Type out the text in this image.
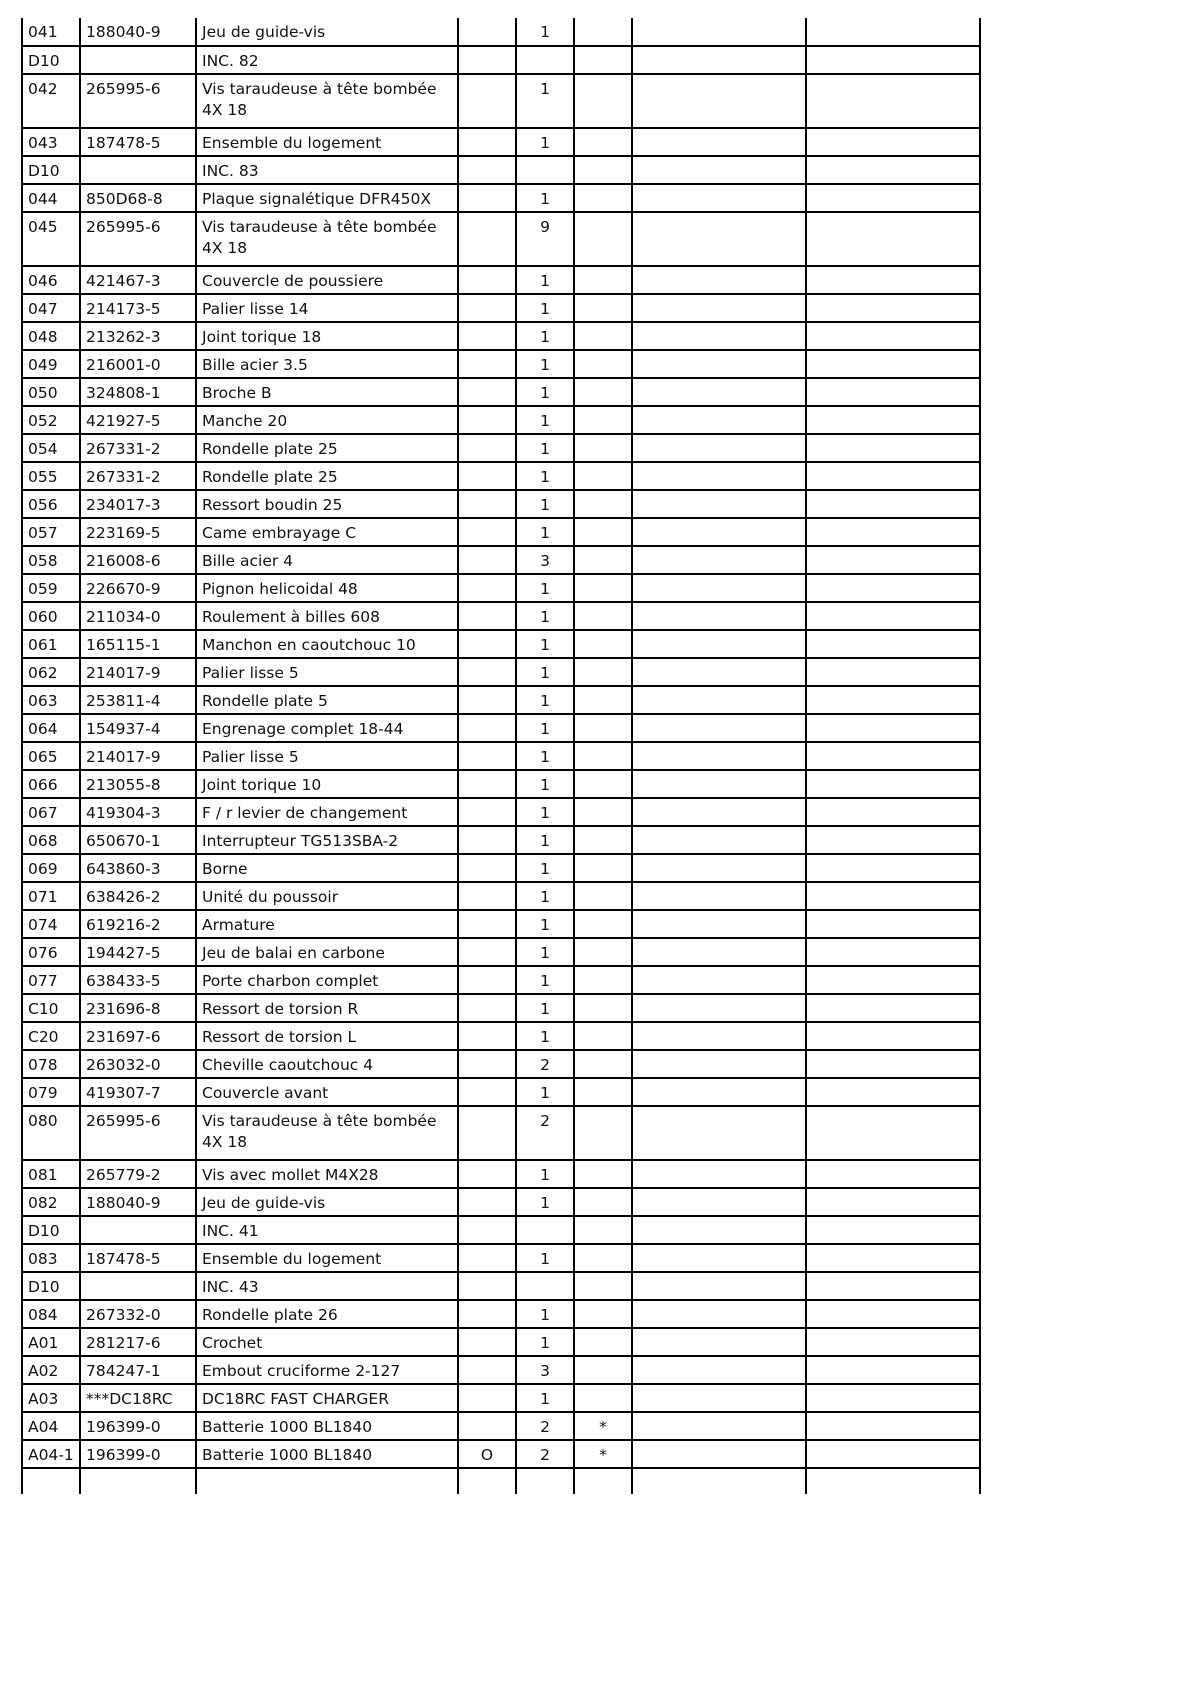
041	188040-9	Jeu de guide-vis		1			
D10		INC. 82					
042	265995-6	Vis taraudeuse à tête bombée 4X 18		1			
043	187478-5	Ensemble du logement		1			
D10		INC. 83					
044	850D68-8	Plaque signalétique DFR450X		1			
045	265995-6	Vis taraudeuse à tête bombée 4X 18		9			
046	421467-3	Couvercle de poussiere		1			
047	214173-5	Palier lisse 14		1			
048	213262-3	Joint torique 18		1			
049	216001-0	Bille acier 3.5		1			
050	324808-1	Broche B		1			
052	421927-5	Manche 20		1			
054	267331-2	Rondelle plate 25		1			
055	267331-2	Rondelle plate 25		1			
056	234017-3	Ressort boudin 25		1			
057	223169-5	Came embrayage C		1			
058	216008-6	Bille acier 4		3			
059	226670-9	Pignon helicoidal 48		1			
060	211034-0	Roulement à billes 608		1			
061	165115-1	Manchon en caoutchouc 10		1			
062	214017-9	Palier lisse 5		1			
063	253811-4	Rondelle plate 5		1			
064	154937-4	Engrenage complet 18-44		1			
065	214017-9	Palier lisse 5		1			
066	213055-8	Joint torique 10		1			
067	419304-3	F / r levier de changement		1			
068	650670-1	Interrupteur TG513SBA-2		1			
069	643860-3	Borne		1			
071	638426-2	Unité du poussoir		1			
074	619216-2	Armature		1			
076	194427-5	Jeu de balai en carbone		1			
077	638433-5	Porte charbon complet		1			
C10	231696-8	Ressort de torsion R		1			
C20	231697-6	Ressort de torsion L		1			
078	263032-0	Cheville caoutchouc 4		2			
079	419307-7	Couvercle avant		1			
080	265995-6	Vis taraudeuse à tête bombée 4X 18		2			
081	265779-2	Vis avec mollet M4X28		1			
082	188040-9	Jeu de guide-vis		1			
D10		INC. 41					
083	187478-5	Ensemble du logement		1			
D10		INC. 43					
084	267332-0	Rondelle plate 26		1			
A01	281217-6	Crochet		1			
A02	784247-1	Embout cruciforme 2-127		3			
A03	***DC18RC	DC18RC FAST CHARGER		1			
A04	196399-0	Batterie 1000 BL1840		2	*		
A04-1	196399-0	Batterie 1000 BL1840	O	2	*		
